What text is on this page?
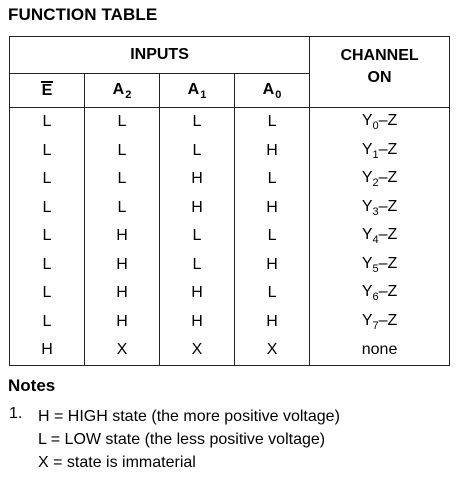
FUNCTION TABLE
INPUTS				CHANNEL
ON
E	$A_2$	$A_1$	$A_0$
L	L	L	L	$Y_0-Z$
L	L	L	H	$Y_1-Z$
L	L	H	L	$Y_2-Z$
L	L	H	H	$Y_3-Z$
L	H	L	L	$Y_4-Z$
L	H	L	H	$Y_5-Z$
L	H	H	L	$Y_6-Z$
L	H	H	H	$Y_7-Z$
H	X	X	X	none
Notes
1. H = HIGH state (the more positive voltage)
L = LOW state (the less positive voltage)
X = state is immaterial
